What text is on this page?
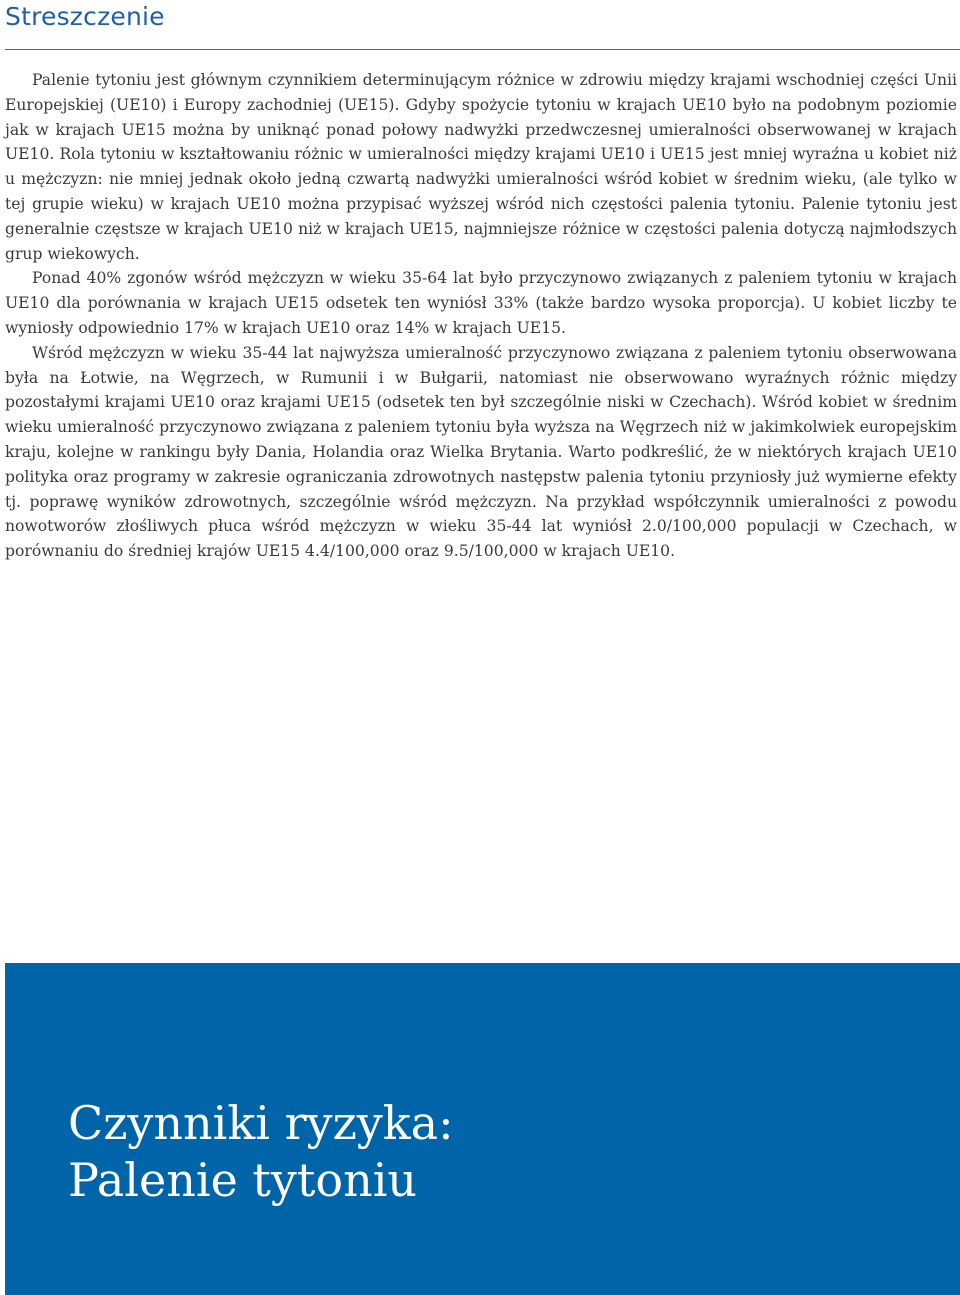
Streszczenie

Palenie tytoniu jest głównym czynnikiem determinującym różnice w zdrowiu między krajami wschodniej części Unii Europejskiej (UE10) i Europy zachodniej (UE15). Gdyby spożycie tytoniu w krajach UE10 było na podobnym poziomie jak w krajach UE15 można by uniknąć ponad połowy nadwyżki przedwczesnej umieralności obserwowanej w krajach UE10. Rola tytoniu w kształtowaniu różnic w umieralności między krajami UE10 i UE15 jest mniej wyraźna u kobiet niż u mężczyzn: nie mniej jednak około jedną czwartą nadwyżki umieralności wśród kobiet w średnim wieku, (ale tylko w tej grupie wieku) w krajach UE10 można przypisać wyższej wśród nich częstości palenia tytoniu. Palenie tytoniu jest generalnie częstsze w krajach UE10 niż w krajach UE15, najmniejsze różnice w częstości palenia dotyczą najmłodszych grup wiekowych.

Ponad 40% zgonów wśród mężczyzn w wieku 35-64 lat było przyczynowo związanych z paleniem tytoniu w krajach UE10 dla porównania w krajach UE15 odsetek ten wyniósł 33% (także bardzo wysoka proporcja). U kobiet liczby te wyniosły odpowiednio 17% w krajach UE10 oraz 14% w krajach UE15.

Wśród mężczyzn w wieku 35-44 lat najwyższa umieralność przyczynowo związana z paleniem tytoniu obserwowana była na Łotwie, na Węgrzech, w Rumunii i w Bułgarii, natomiast nie obserwowano wyraźnych różnic między pozostałymi krajami UE10 oraz krajami UE15 (odsetek ten był szczególnie niski w Czechach). Wśród kobiet w średnim wieku umieralność przyczynowo związana z paleniem tytoniu była wyższa na Węgrzech niż w jakimkolwiek europejskim kraju, kolejne w rankingu były Dania, Holandia oraz Wielka Brytania. Warto podkreślić, że w niektórych krajach UE10 polityka oraz programy w zakresie ograniczania zdrowotnych następstw palenia tytoniu przyniosły już wymierne efekty tj. poprawę wyników zdrowotnych, szczególnie wśród mężczyzn. Na przykład współczynnik umieralności z powodu nowotworów złośliwych płuca wśród mężczyzn w wieku 35-44 lat wyniósł 2.0/100,000 populacji w Czechach, w porównaniu do średniej krajów UE15 4.4/100,000 oraz 9.5/100,000 w krajach UE10.

Czynniki ryzyka:
Palenie tytoniu
